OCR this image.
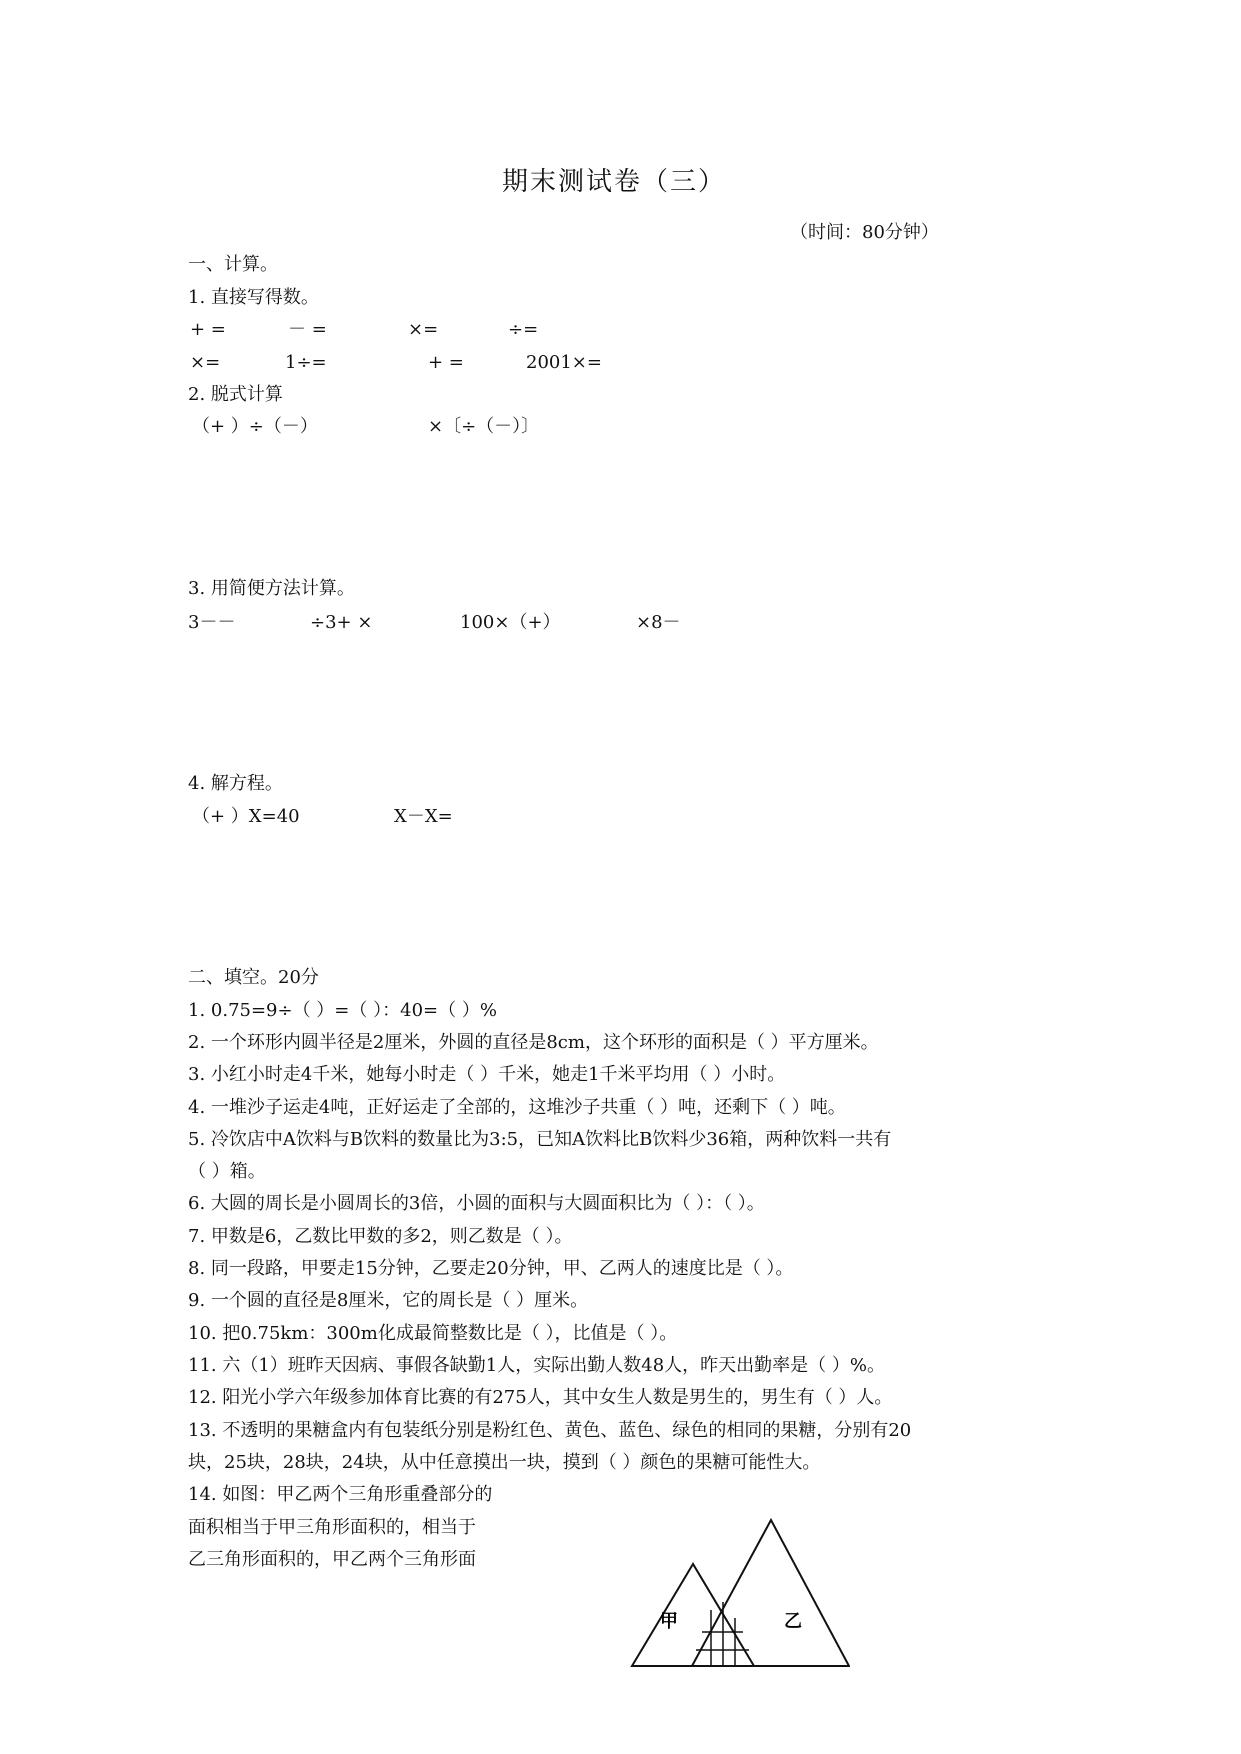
期末测试卷（三）
（时间：80分钟）
一、计算。
1. 直接写得数。
+ =	－ =	×=	÷=
×=	1÷=	+ =	2001×=
2. 脱式计算
（+ ）÷（－）	×〔÷（－）〕
3. 用简便方法计算。
3－－	÷3+ ×	100×（+）	×8－
4. 解方程。
（+ ）X=40	X－X=
二、填空。20分
1. 0.75=9÷（ ）=（ ）：40=（ ）%
2. 一个环形内圆半径是2厘米，外圆的直径是8cm，这个环形的面积是（ ）平方厘米。
3. 小红小时走4千米，她每小时走（ ）千米，她走1千米平均用（ ）小时。
4. 一堆沙子运走4吨，正好运走了全部的，这堆沙子共重（ ）吨，还剩下（ ）吨。
5. 冷饮店中A饮料与B饮料的数量比为3:5，已知A饮料比B饮料少36箱，两种饮料一共有
（ ）箱。
6. 大圆的周长是小圆周长的3倍，小圆的面积与大圆面积比为（ ）：（ ）。
7. 甲数是6，乙数比甲数的多2，则乙数是（ ）。
8. 同一段路，甲要走15分钟，乙要走20分钟，甲、乙两人的速度比是（ ）。
9. 一个圆的直径是8厘米，它的周长是（ ）厘米。
10. 把0.75km：300m化成最简整数比是（ ），比值是（ ）。
11. 六（1）班昨天因病、事假各缺勤1人，实际出勤人数48人，昨天出勤率是（ ）%。
12. 阳光小学六年级参加体育比赛的有275人，其中女生人数是男生的，男生有（ ）人。
13. 不透明的果糖盒内有包装纸分别是粉红色、黄色、蓝色、绿色的相同的果糖，分别有20
块，25块，28块，24块，从中任意摸出一块，摸到（ ）颜色的果糖可能性大。
14. 如图：甲乙两个三角形重叠部分的
面积相当于甲三角形面积的，相当于
乙三角形面积的，甲乙两个三角形面
甲	乙
